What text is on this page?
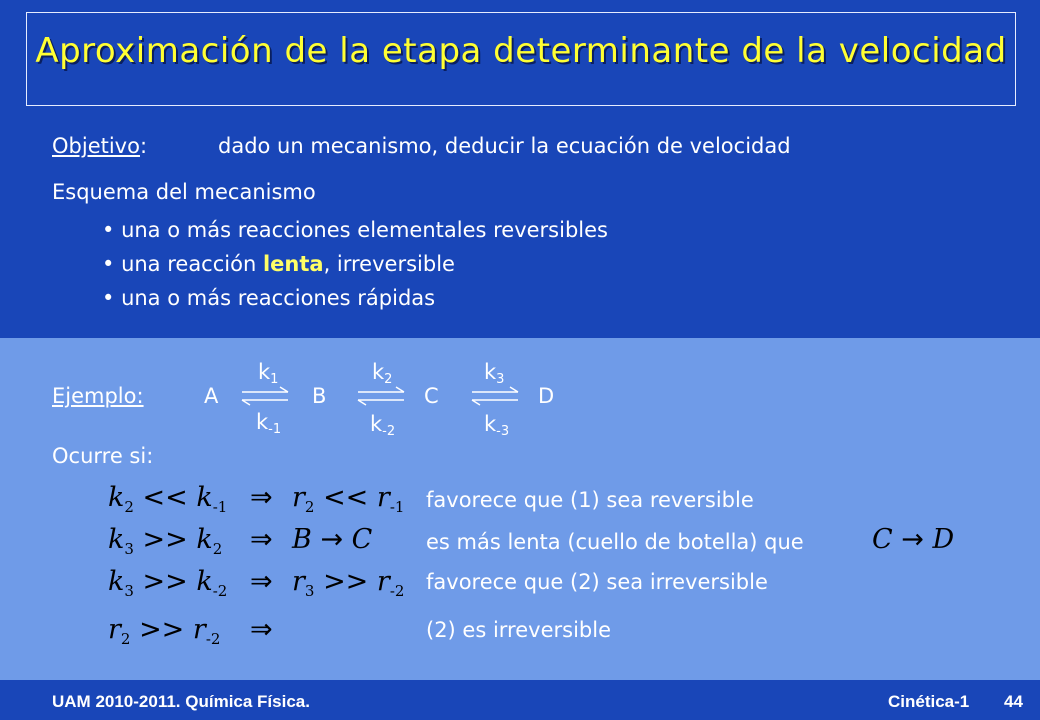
Aproximación de la etapa determinante de la velocidad
Objetivo:	dado un mecanismo, deducir la ecuación de velocidad
Esquema del mecanismo
• una o más reacciones elementales reversibles
• una reacción lenta, irreversible
• una o más reacciones rápidas
Ejemplo:	A	B	C	D
k1	k2	k3
k-1	k-2	k-3
Ocurre si:
$k_2 << k_{-1}$ ⇒ $r_2 << r_{-1}$ favorece que (1) sea reversible
$k_3 >> k_2$ ⇒ B → C	es más lenta (cuello de botella) que	C → D
$k_3 >> k_{-2}$ ⇒ $r_3 >> r_{-2}$ favorece que (2) sea irreversible
$r_2 >> r_{-2}$ ⇒	(2) es irreversible
UAM 2010-2011. Química Física.	Cinética-1 44
